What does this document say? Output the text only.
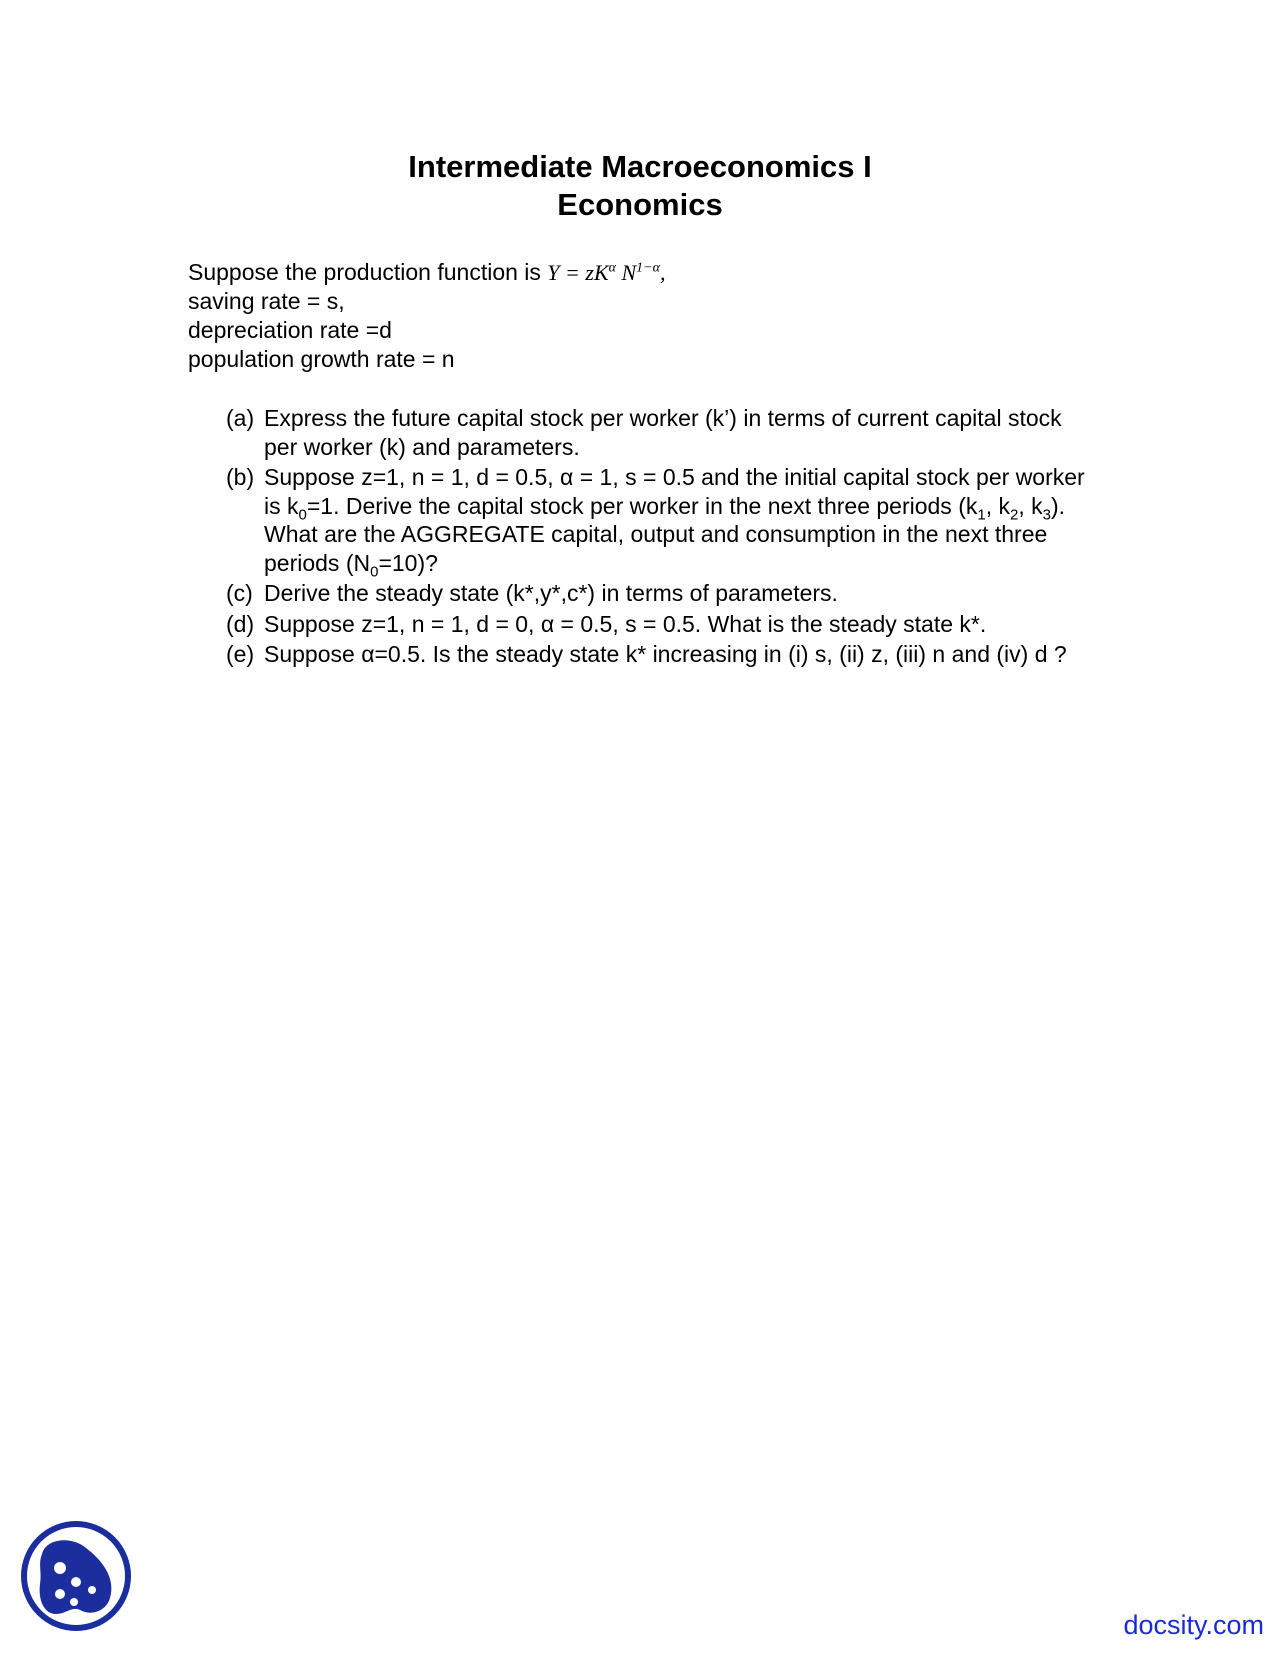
Intermediate Macroeconomics I
Economics
Suppose the production function is $Y = zK^\alpha$ $N^{1-\alpha}$,
saving rate = s,
depreciation rate =d
population growth rate = n
(a) Express the future capital stock per worker (k’) in terms of current capital stock per worker (k) and parameters.
(b) Suppose z=1, n = 1, d = 0.5, α = 1, s = 0.5 and the initial capital stock per worker is $k_0=1$. Derive the capital stock per worker in the next three periods ($k_1$, $k_2$, $k_3$). What are the AGGREGATE capital, output and consumption in the next three periods $(N_0=10)$?
(c) Derive the steady state (k*,y*,c*) in terms of parameters.
(d) Suppose z=1, n = 1, d = 0, α = 0.5, s = 0.5. What is the steady state k*.
(e) Suppose α=0.5. Is the steady state k* increasing in (i) s, (ii) z, (iii) n and (iv) d ?
docsity.com
